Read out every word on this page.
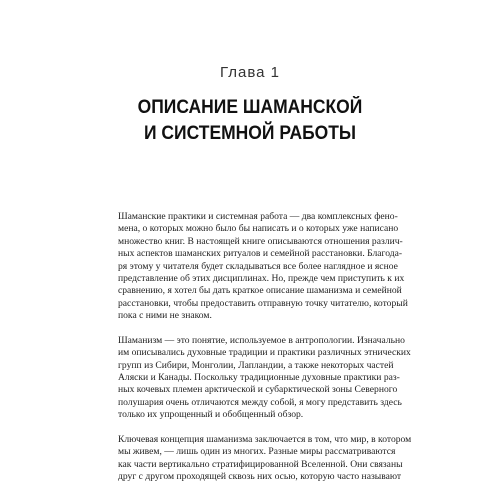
Глава 1
ОПИСАНИЕ ШАМАНСКОЙ
И СИСТЕМНОЙ РАБОТЫ
Шаманские практики и системная работа — два комплексных фено-
мена, о которых можно было бы написать и о которых уже написано
множество книг. В настоящей книге описываются отношения различ-
ных аспектов шаманских ритуалов и семейной расстановки. Благода-
ря этому у читателя будет складываться все более наглядное и ясное
представление об этих дисциплинах. Но, прежде чем приступить к их
сравнению, я хотел бы дать краткое описание шаманизма и семейной
расстановки, чтобы предоставить отправную точку читателю, который
пока с ними не знаком.
Шаманизм — это понятие, используемое в антропологии. Изначально
им описывались духовные традиции и практики различных этнических
групп из Сибири, Монголии, Лапландии, а также некоторых частей
Аляски и Канады. Поскольку традиционные духовные практики раз-
ных кочевых племен арктической и субарктической зоны Северного
полушария очень отличаются между собой, я могу представить здесь
только их упрощенный и обобщенный обзор.
Ключевая концепция шаманизма заключается в том, что мир, в котором
мы живем, — лишь один из многих. Разные миры рассматриваются
как части вертикально стратифицированной Вселенной. Они связаны
друг с другом проходящей сквозь них осью, которую часто называют
